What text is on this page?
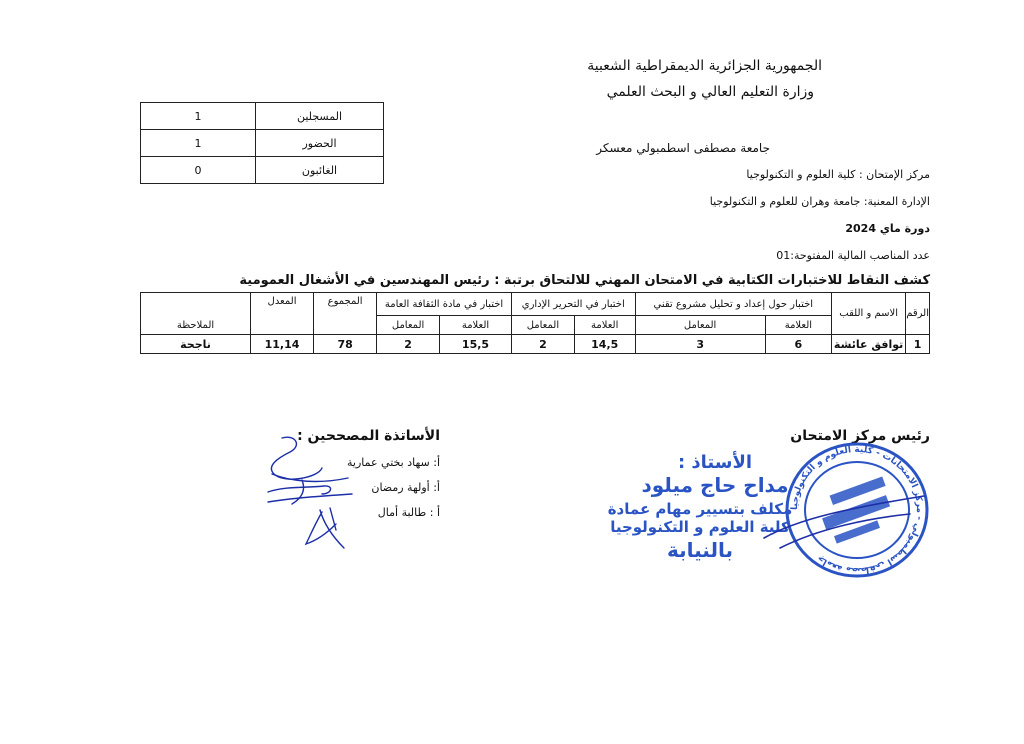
الجمهورية الجزائرية الديمقراطية الشعبية
وزارة التعليم العالي و البحث العلمي
1	المسجلين
1	الحضور
0	الغائبون
جامعة مصطفى اسطمبولي معسكر
مركز الإمتحان : كلية العلوم و التكنولوجيا
الإدارة المعنية: جامعة وهران للعلوم و التكنولوجيا
دورة ماي 2024
عدد المناصب المالية المفتوحة:01
كشف النقاط للاختبارات الكتابية في الامتحان المهني للالتحاق برتبة : رئيس المهندسين في الأشغال العمومية
الرقم	الاسم و اللقب	اختبار حول إعداد و تحليل مشروع تقني		اختبار في التحرير الإداري		اختبار في مادة الثقافة العامة		المجموع	المعدل	الملاحظة
		العلامة	المعامل	العلامة	المعامل	العلامة	المعامل			
1	توافق عائشة	6	3	14,5	2	15,5	2	78	11,14	ناجحة
الأساتذة المصححين :
أ: سهاد بختي عمارية
أ: أولهة رمضان
أ : طالبة أمال
رئيس مركز الامتحان
جامعة مصطفى اسطمبولي - مركز الامتحانات - كلية العلوم و التكنولوجيا
الأستاذ :
مداح حاج ميلود
مكلف بتسيير مهام عمادة
كلية العلوم و التكنولوجيا
بالنيابة
